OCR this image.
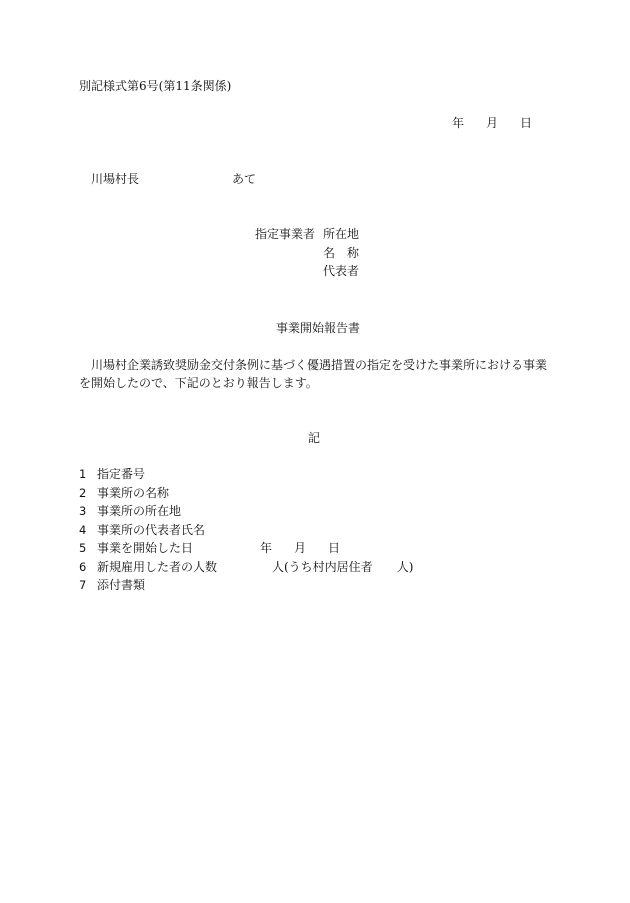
別記様式第6号(第11条関係)
年 月 日
川場村長	あて
指定事業者 所在地
名　称
代表者
事業開始報告書
川場村企業誘致奨励金交付条例に基づく優遇措置の指定を受けた事業所における事業を開始したので、下記のとおり報告します。
記
1 指定番号
2 事業所の名称
3 事業所の所在地
4 事業所の代表者氏名
5 事業を開始した日	年 月 日
6 新規雇用した者の人数	人(うち村内居住者 人)
7 添付書類
